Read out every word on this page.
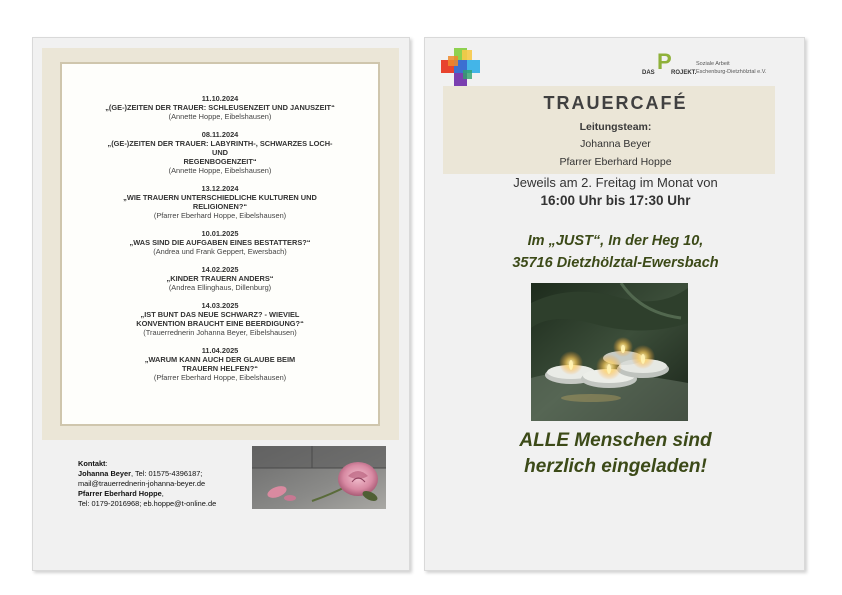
11.10.2024
„(GE-)ZEITEN DER TRAUER: SCHLEUSENZEIT UND JANUSZEIT“
(Annette Hoppe, Eibelshausen)
08.11.2024
„(GE-)ZEITEN DER TRAUER: LABYRINTH-, SCHWARZES LOCH-
UND
REGENBOGENZEIT“
(Annette Hoppe, Eibelshausen)
13.12.2024
„WIE TRAUERN UNTERSCHIEDLICHE KULTUREN UND
RELIGIONEN?“
(Pfarrer Eberhard Hoppe, Eibelshausen)
10.01.2025
„WAS SIND DIE AUFGABEN EINES BESTATTERS?“
(Andrea und Frank Geppert, Ewersbach)
14.02.2025
„KINDER TRAUERN ANDERS“
(Andrea Ellinghaus, Dillenburg)
14.03.2025
„IST BUNT DAS NEUE SCHWARZ? - WIEVIEL
KONVENTION BRAUCHT EINE BEERDIGUNG?“
(Trauerrednerin Johanna Beyer, Eibelshausen)
11.04.2025
„WARUM KANN AUCH DER GLAUBE BEIM
TRAUERN HELFEN?“
(Pfarrer Eberhard Hoppe, Eibelshausen)
Kontakt:
Johanna Beyer, Tel: 01575-4396187;
mail@trauerrednerin-johanna-beyer.de
Pfarrer Eberhard Hoppe,
Tel: 0179-2016968; eb.hoppe@t-online.de
P
DAS	ROJEKT.
Soziale Arbeit
Eschenburg-Dietzhölztal e.V.
TRAUERCAFÉ
Leitungsteam:
Johanna Beyer
Pfarrer Eberhard Hoppe
Jeweils am 2. Freitag im Monat von
16:00 Uhr bis 17:30 Uhr
Im „JUST“, In der Heg 10,
35716 Dietzhölztal-Ewersbach
ALLE Menschen sind
herzlich eingeladen!
